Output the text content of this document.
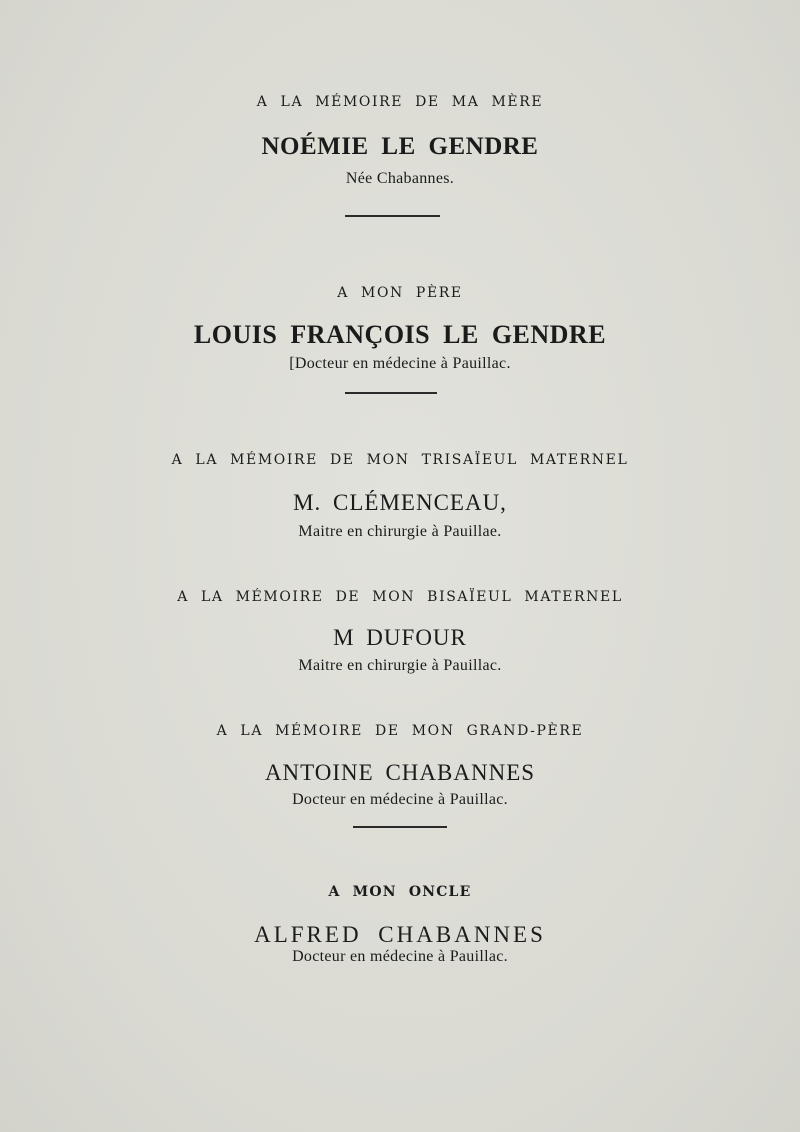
A LA MÉMOIRE DE MA MÈRE
NOÉMIE LE GENDRE
Née Chabannes.
A MON PÈRE
LOUIS FRANÇOIS LE GENDRE
[Docteur en médecine à Pauillac.
A LA MÉMOIRE DE MON TRISAÏEUL MATERNEL
M. CLÉMENCEAU,
Maitre en chirurgie à Pauillae.
A LA MÉMOIRE DE MON BISAÏEUL MATERNEL
M DUFOUR
Maitre en chirurgie à Pauillac.
A LA MÉMOIRE DE MON GRAND-PÈRE
ANTOINE CHABANNES
Docteur en médecine à Pauillac.
A MON ONCLE
ALFRED CHABANNES
Docteur en médecine à Pauillac.
